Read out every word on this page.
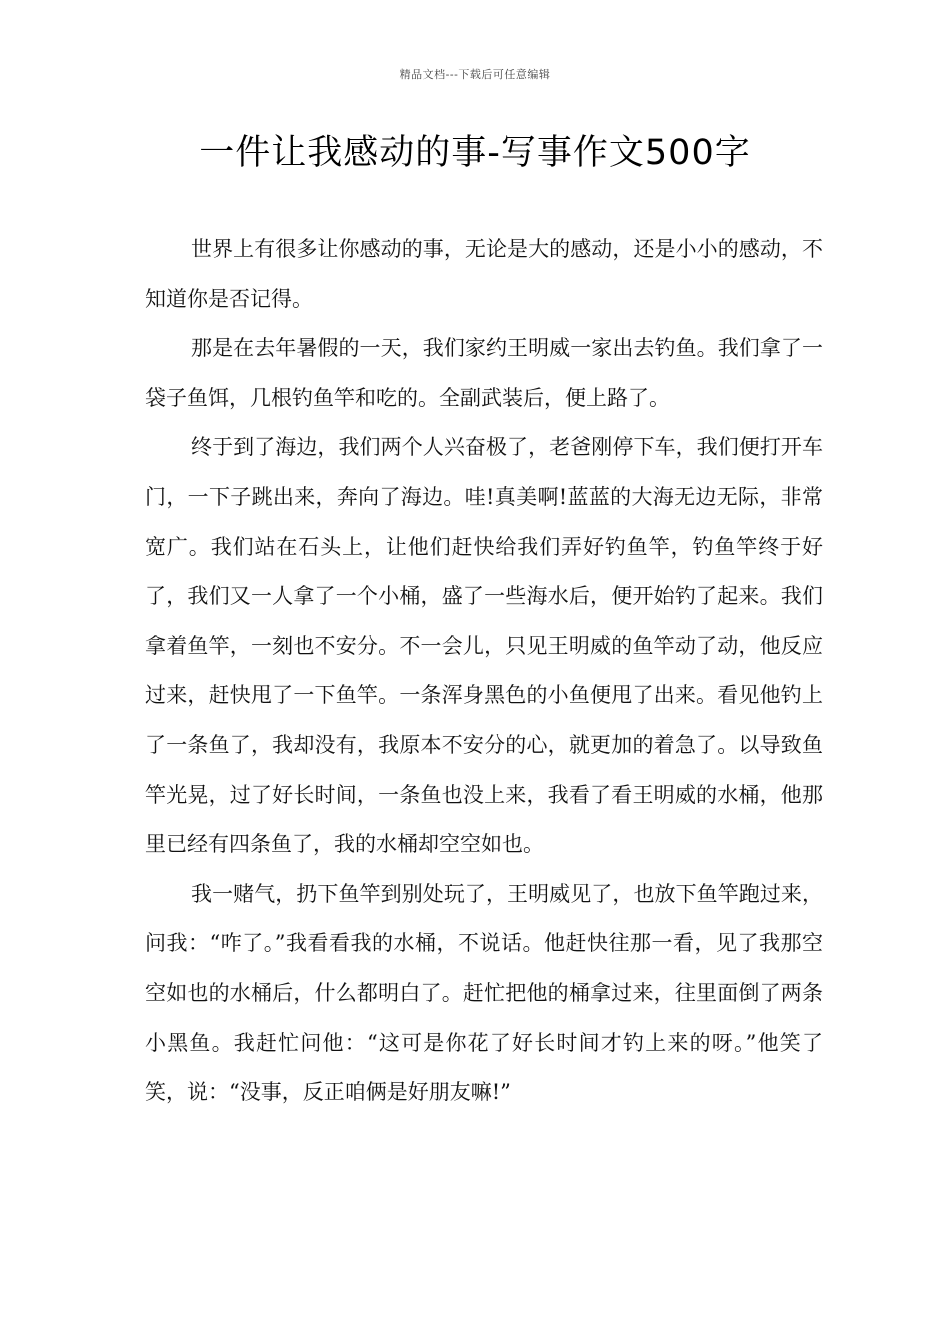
精品文档---下载后可任意编辑
一件让我感动的事-写事作文500字

世界上有很多让你感动的事，无论是大的感动，还是小小的感动，不知道你是否记得。

那是在去年暑假的一天，我们家约王明威一家出去钓鱼。我们拿了一袋子鱼饵，几根钓鱼竿和吃的。全副武装后，便上路了。

终于到了海边，我们两个人兴奋极了，老爸刚停下车，我们便打开车门，一下子跳出来，奔向了海边。哇!真美啊!蓝蓝的大海无边无际，非常宽广。我们站在石头上，让他们赶快给我们弄好钓鱼竿，钓鱼竿终于好了，我们又一人拿了一个小桶，盛了一些海水后，便开始钓了起来。我们拿着鱼竿，一刻也不安分。不一会儿，只见王明威的鱼竿动了动，他反应过来，赶快甩了一下鱼竿。一条浑身黑色的小鱼便甩了出来。看见他钓上了一条鱼了，我却没有，我原本不安分的心，就更加的着急了。以导致鱼竿光晃，过了好长时间，一条鱼也没上来，我看了看王明威的水桶，他那里已经有四条鱼了，我的水桶却空空如也。

我一赌气，扔下鱼竿到别处玩了，王明威见了，也放下鱼竿跑过来，问我：“咋了。”我看看我的水桶，不说话。他赶快往那一看，见了我那空空如也的水桶后，什么都明白了。赶忙把他的桶拿过来，往里面倒了两条小黑鱼。我赶忙问他：“这可是你花了好长时间才钓上来的呀。”他笑了笑，说：“没事，反正咱俩是好朋友嘛!”
